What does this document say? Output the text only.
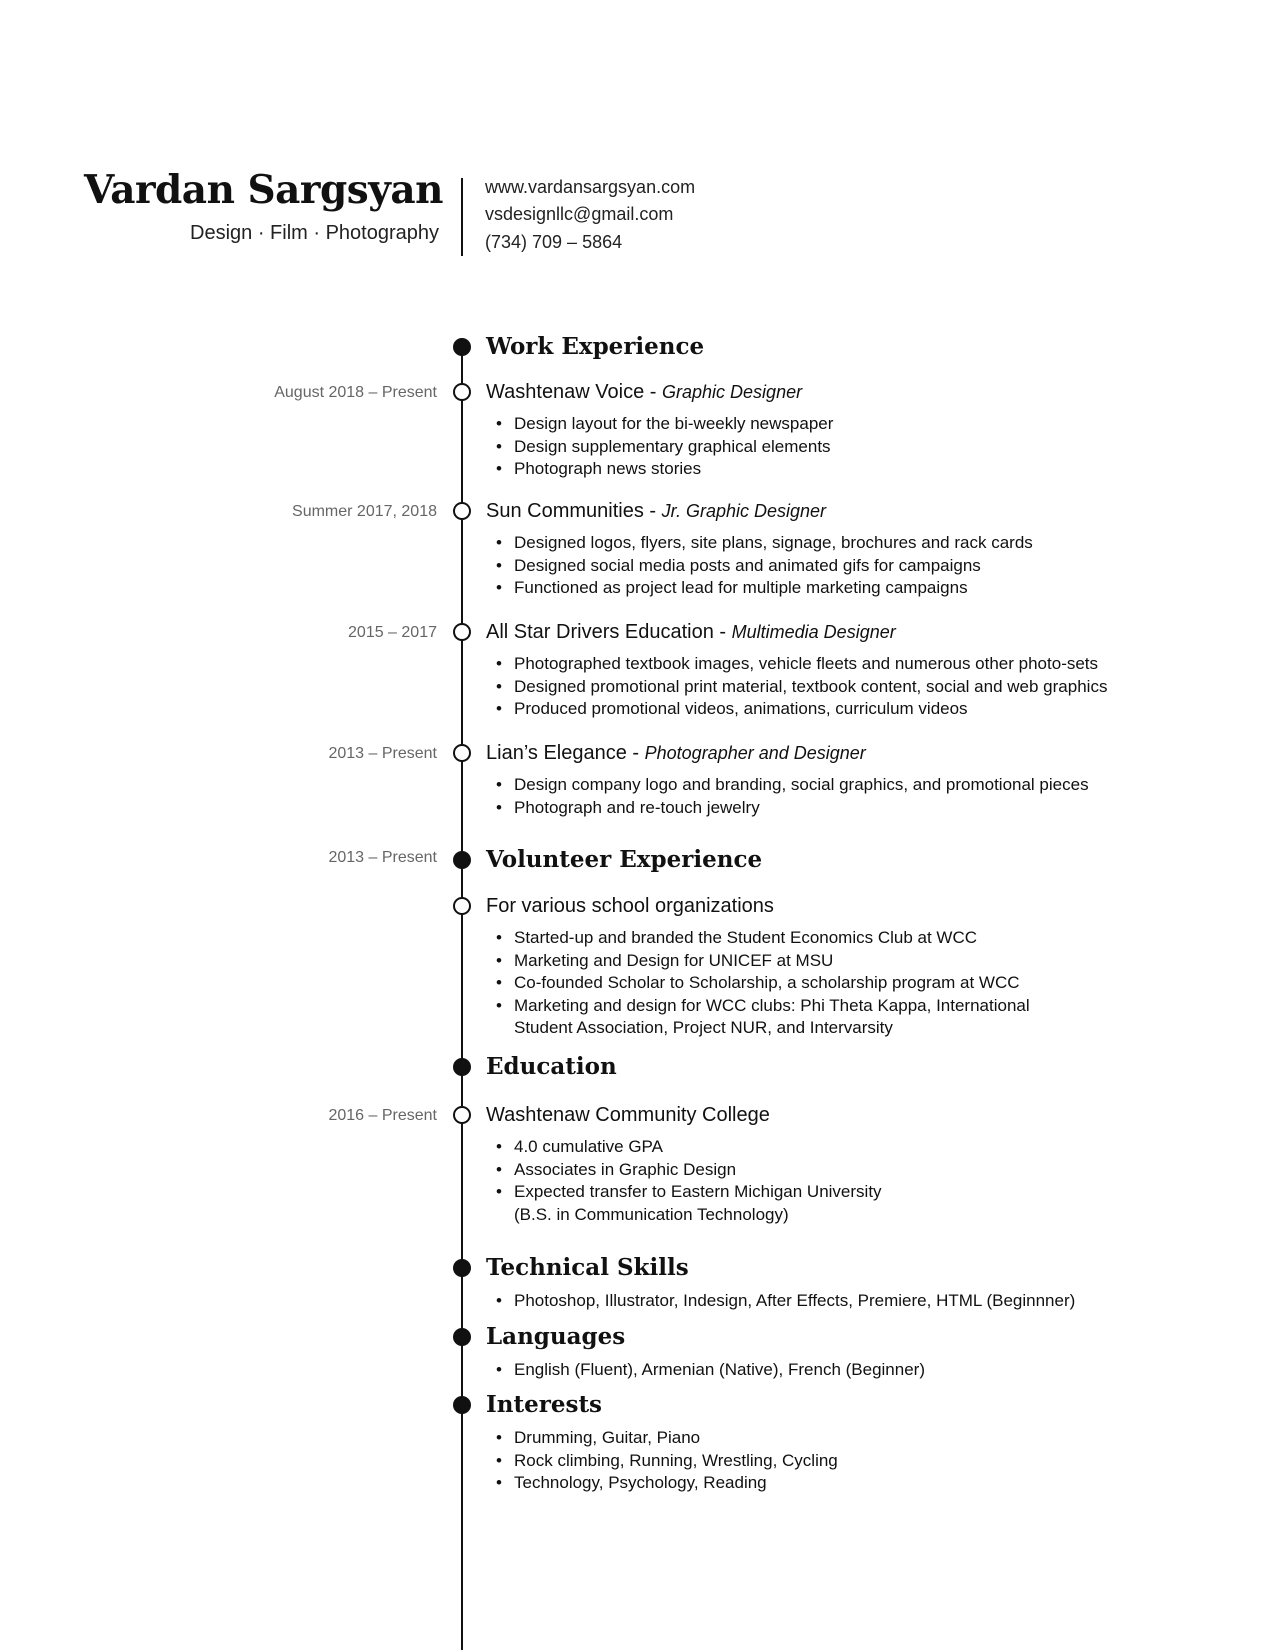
Vardan Sargsyan
Design · Film · Photography
www.vardansargsyan.com
vsdesignllc@gmail.com
(734) 709 – 5864
Work Experience
August 2018 – Present Washtenaw Voice - Graphic Designer
• Design layout for the bi-weekly newspaper
• Design supplementary graphical elements
• Photograph news stories
Summer 2017, 2018 Sun Communities - Jr. Graphic Designer
• Designed logos, flyers, site plans, signage, brochures and rack cards
• Designed social media posts and animated gifs for campaigns
• Functioned as project lead for multiple marketing campaigns
2015 – 2017 All Star Drivers Education - Multimedia Designer
• Photographed textbook images, vehicle fleets and numerous other photo-sets
• Designed promotional print material, textbook content, social and web graphics
• Produced promotional videos, animations, curriculum videos
2013 – Present Lian’s Elegance - Photographer and Designer
• Design company logo and branding, social graphics, and promotional pieces
• Photograph and re-touch jewelry
2013 – Present Volunteer Experience
For various school organizations
• Started-up and branded the Student Economics Club at WCC
• Marketing and Design for UNICEF at MSU
• Co-founded Scholar to Scholarship, a scholarship program at WCC
• Marketing and design for WCC clubs: Phi Theta Kappa, International
Student Association, Project NUR, and Intervarsity
Education
2016 – Present Washtenaw Community College
• 4.0 cumulative GPA
• Associates in Graphic Design
• Expected transfer to Eastern Michigan University
(B.S. in Communication Technology)
Technical Skills
• Photoshop, Illustrator, Indesign, After Effects, Premiere, HTML (Beginnner)
Languages
• English (Fluent), Armenian (Native), French (Beginner)
Interests
• Drumming, Guitar, Piano
• Rock climbing, Running, Wrestling, Cycling
• Technology, Psychology, Reading
